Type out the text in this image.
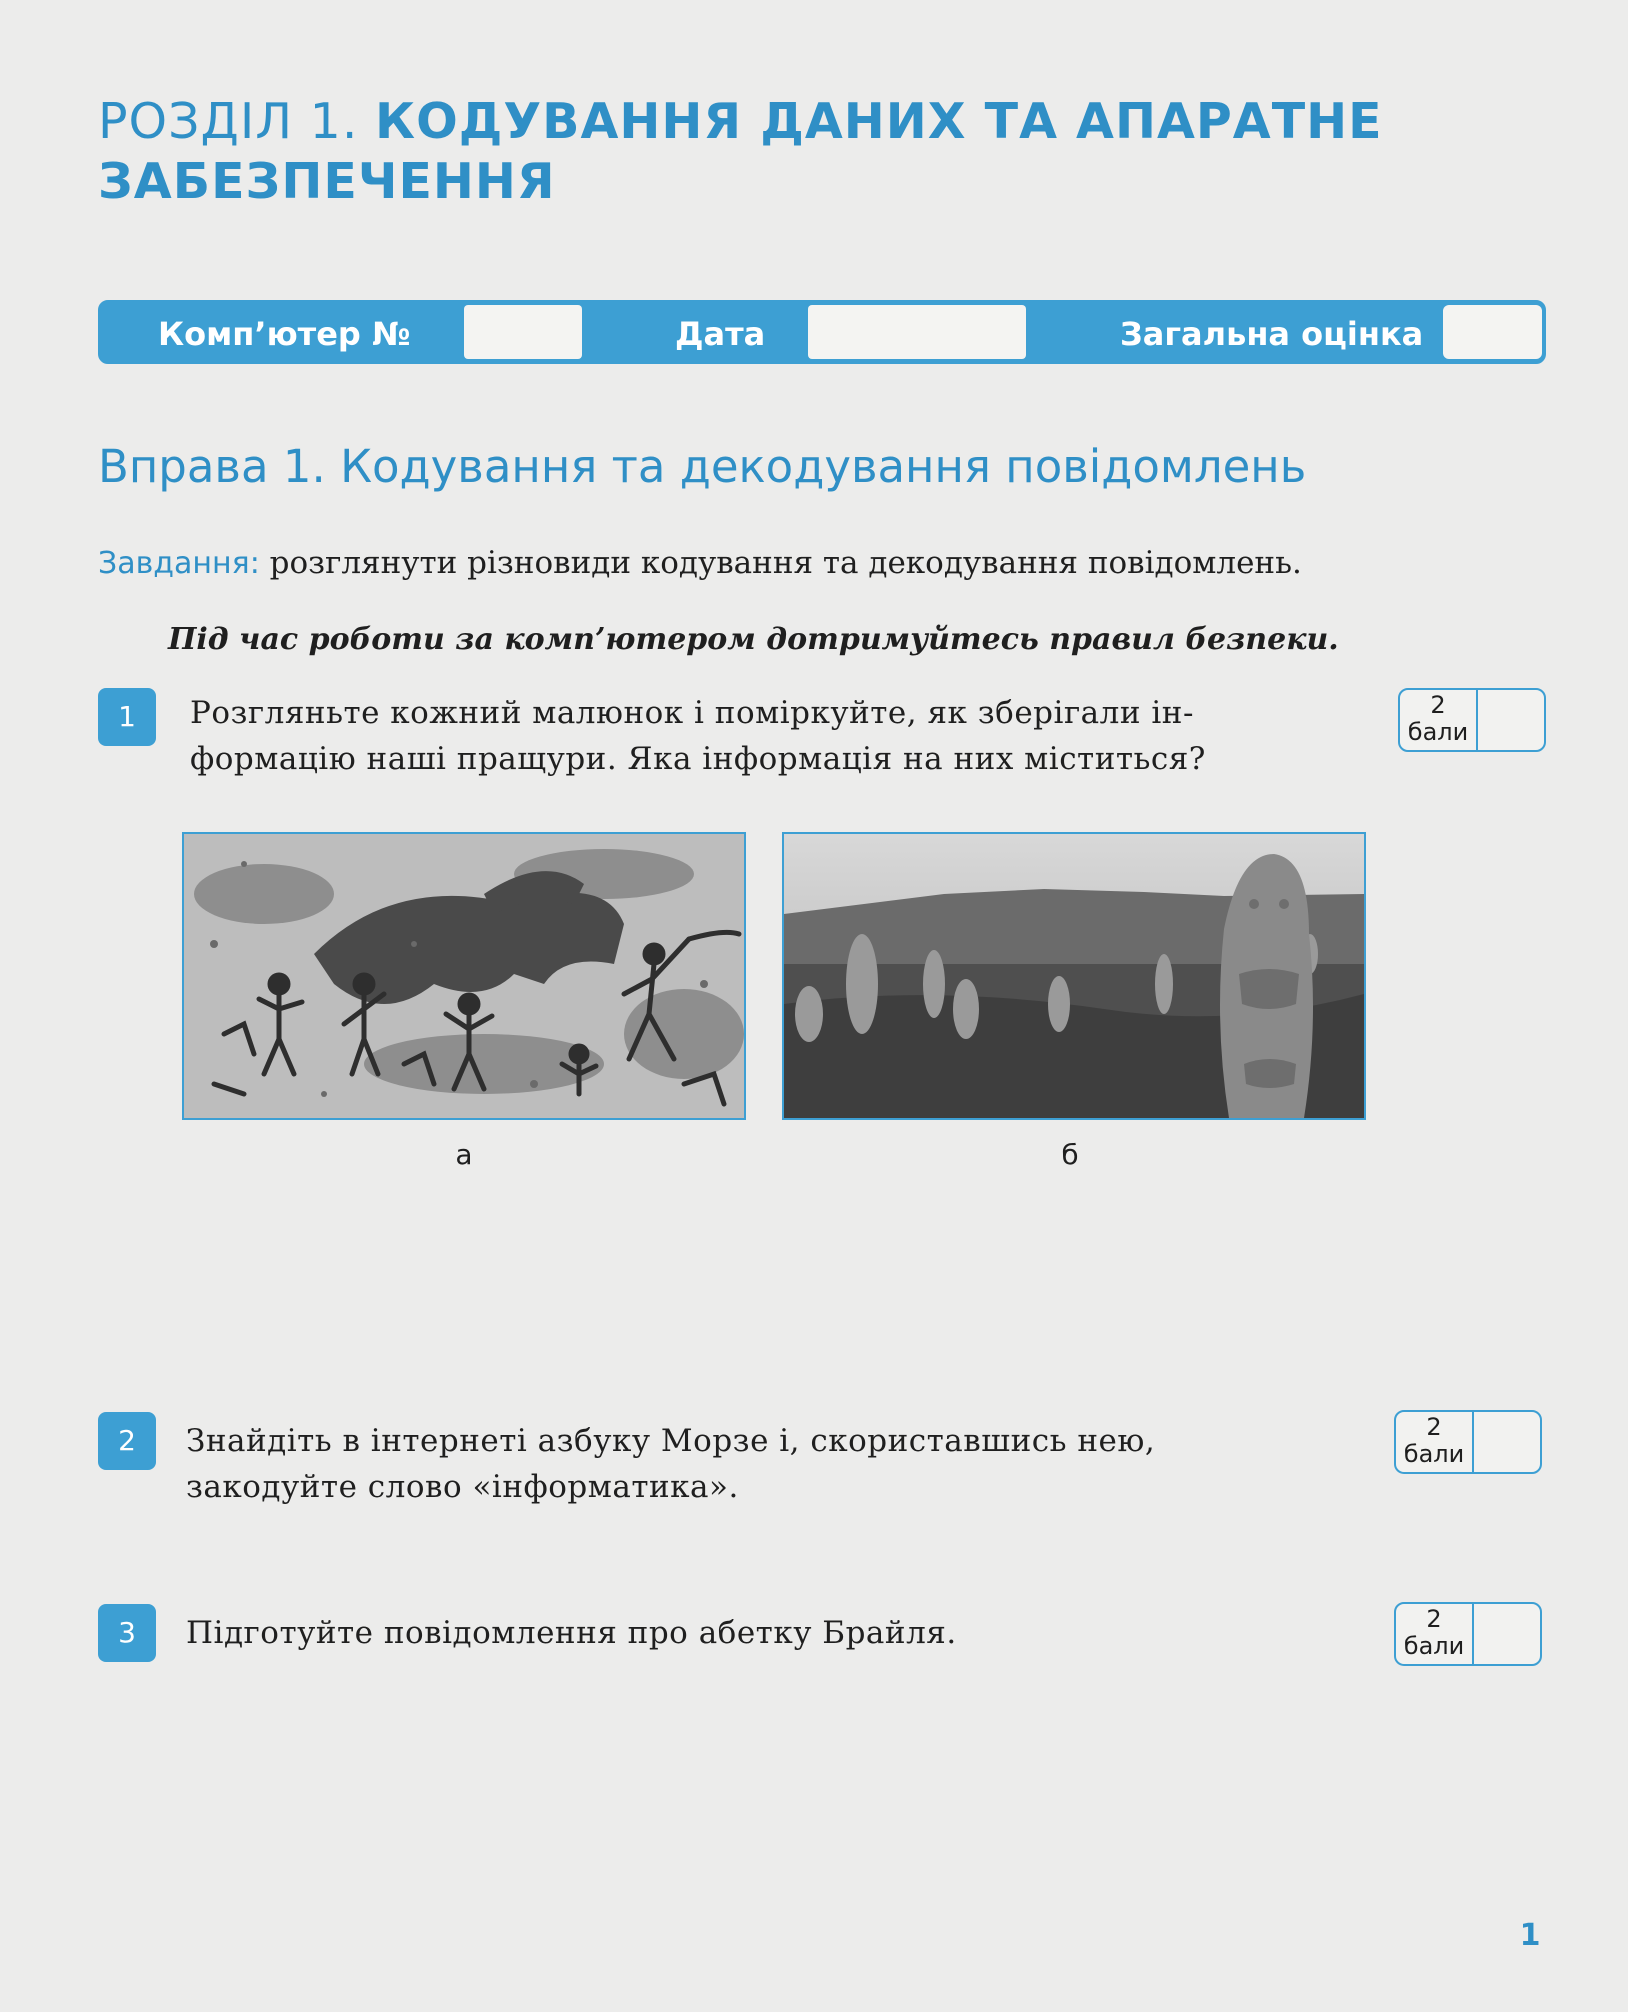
РОЗДІЛ 1. КОДУВАННЯ ДАНИХ ТА АПАРАТНЕ
ЗАБЕЗПЕЧЕННЯ
Комп’ютер №	Дата	Загальна оцінка
Вправа 1. Кодування та декодування повідомлень
Завдання: розглянути різновиди кодування та декодування повідомлень.
Під час роботи за комп’ютером дотримуйтесь правил безпеки.
1	Розгляньте кожний малюнок і поміркуйте, як зберігали ін-
формацію наші пращури. Яка інформація на них міститься?
2
бали
а	б
2	Знайдіть в інтернеті азбуку Морзе і, скориставшись нею,
закодуйте слово «інформатика».
2
бали
3	Підготуйте повідомлення про абетку Брайля.	2
бали
1
